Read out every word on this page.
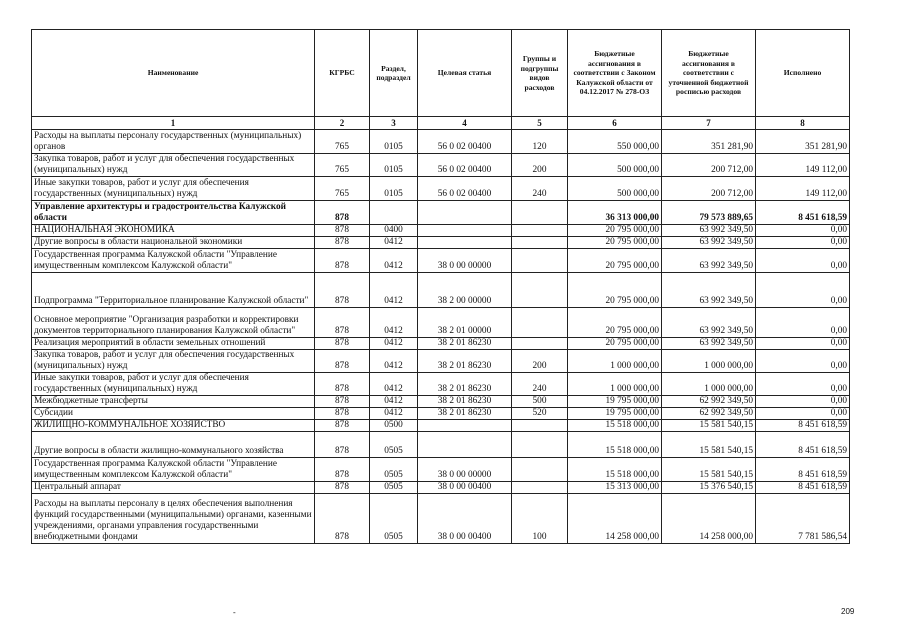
Наименование	КГРБС	Раздел, подраздел	Целевая статья	Группы и подгруппы видов расходов	Бюджетные ассигнования в соответствии с Законом Калужской области от 04.12.2017 № 278-ОЗ	Бюджетные ассигнования в соответствии с уточненной бюджетной росписью расходов	Исполнено
1	2	3	4	5	6	7	8
Расходы на выплаты персоналу государственных (муниципальных) органов	765	0105	56 0 02 00400	120	550 000,00	351 281,90	351 281,90
Закупка товаров, работ и услуг для обеспечения государственных (муниципальных) нужд	765	0105	56 0 02 00400	200	500 000,00	200 712,00	149 112,00
Иные закупки товаров, работ и услуг для обеспечения государственных (муниципальных) нужд	765	0105	56 0 02 00400	240	500 000,00	200 712,00	149 112,00
Управление архитектуры и градостроительства Калужской области	878				36 313 000,00	79 573 889,65	8 451 618,59
НАЦИОНАЛЬНАЯ ЭКОНОМИКА	878	0400			20 795 000,00	63 992 349,50	0,00
Другие вопросы в области национальной экономики	878	0412			20 795 000,00	63 992 349,50	0,00
Государственная программа Калужской области "Управление имущественным комплексом Калужской области"	878	0412	38 0 00 00000		20 795 000,00	63 992 349,50	0,00
Подпрограмма "Территориальное планирование Калужской области"	878	0412	38 2 00 00000		20 795 000,00	63 992 349,50	0,00
Основное мероприятие "Организация разработки и корректировки документов территориального планирования Калужской области"	878	0412	38 2 01 00000		20 795 000,00	63 992 349,50	0,00
Реализация мероприятий в области земельных отношений	878	0412	38 2 01 86230		20 795 000,00	63 992 349,50	0,00
Закупка товаров, работ и услуг для обеспечения государственных (муниципальных) нужд	878	0412	38 2 01 86230	200	1 000 000,00	1 000 000,00	0,00
Иные закупки товаров, работ и услуг для обеспечения государственных (муниципальных) нужд	878	0412	38 2 01 86230	240	1 000 000,00	1 000 000,00	0,00
Межбюджетные трансферты	878	0412	38 2 01 86230	500	19 795 000,00	62 992 349,50	0,00
Субсидии	878	0412	38 2 01 86230	520	19 795 000,00	62 992 349,50	0,00
ЖИЛИЩНО-КОММУНАЛЬНОЕ ХОЗЯЙСТВО	878	0500			15 518 000,00	15 581 540,15	8 451 618,59
Другие вопросы в области жилищно-коммунального хозяйства	878	0505			15 518 000,00	15 581 540,15	8 451 618,59
Государственная программа Калужской области "Управление имущественным комплексом Калужской области"	878	0505	38 0 00 00000		15 518 000,00	15 581 540,15	8 451 618,59
Центральный аппарат	878	0505	38 0 00 00400		15 313 000,00	15 376 540,15	8 451 618,59
Расходы на выплаты персоналу в целях обеспечения выполнения функций государственными (муниципальными) органами, казенными учреждениями, органами управления государственными внебюджетными фондами	878	0505	38 0 00 00400	100	14 258 000,00	14 258 000,00	7 781 586,54
-	209
